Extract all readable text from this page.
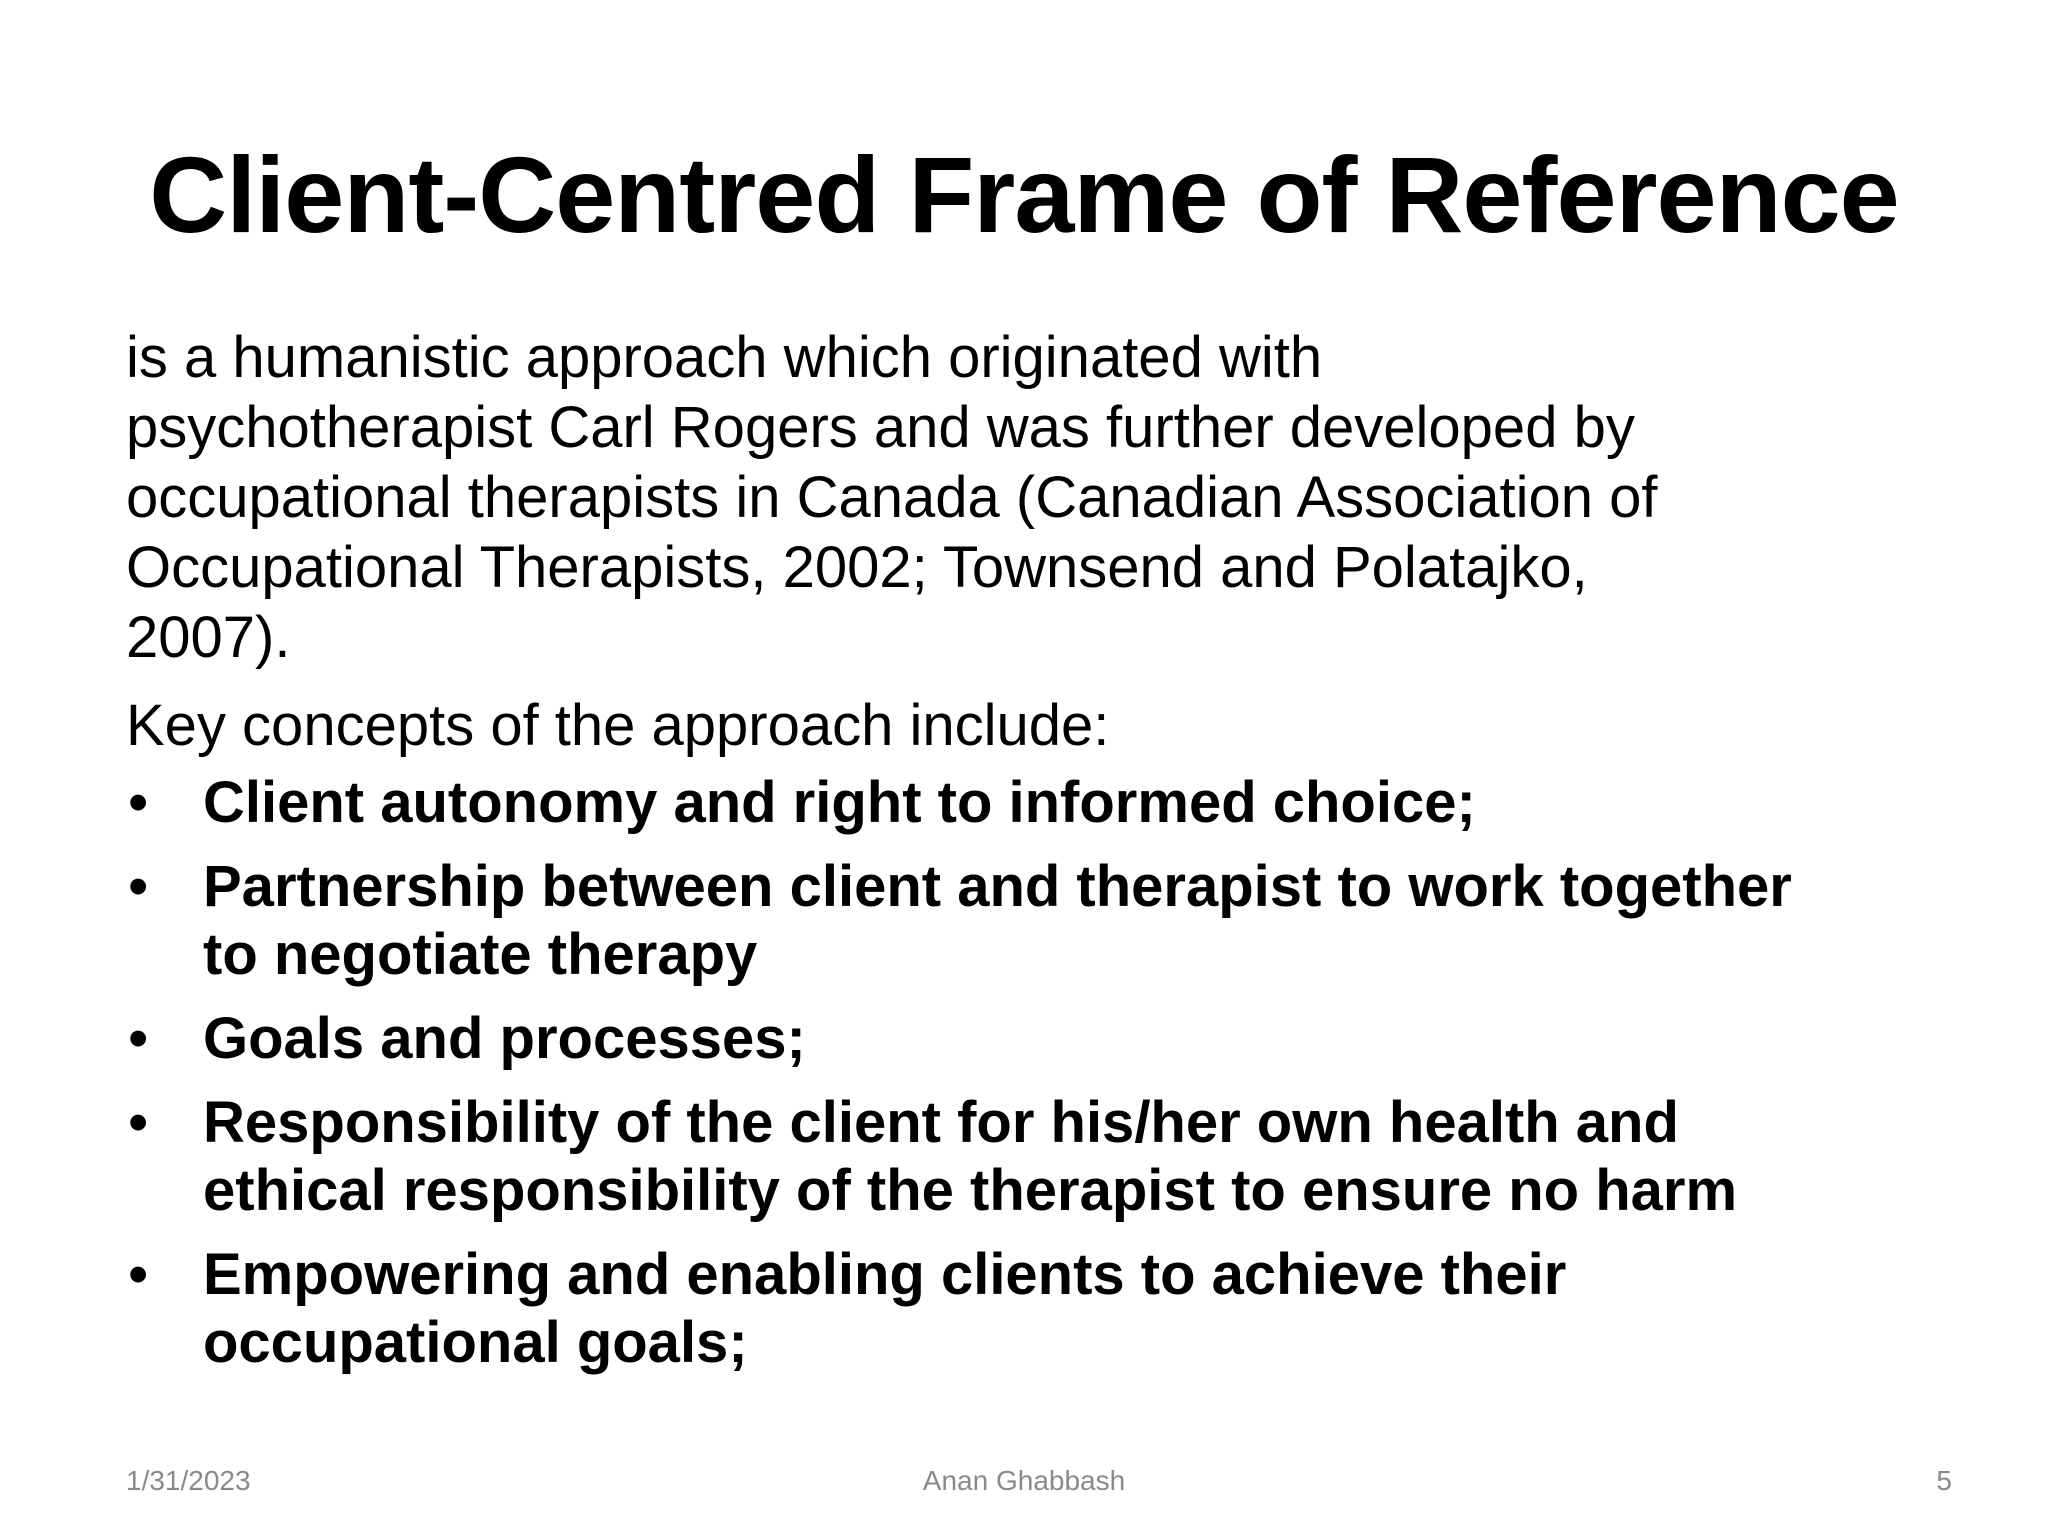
Client-Centred Frame of Reference

is a humanistic approach which originated with
psychotherapist Carl Rogers and was further developed by
occupational therapists in Canada (Canadian Association of
Occupational Therapists, 2002; Townsend and Polatajko,
2007).

Key concepts of the approach include:

• Client autonomy and right to informed choice;
• Partnership between client and therapist to work together
to negotiate therapy
• Goals and processes;
• Responsibility of the client for his/her own health and
ethical responsibility of the therapist to ensure no harm
• Empowering and enabling clients to achieve their
occupational goals;
1/31/2023	Anan Ghabbash	5
